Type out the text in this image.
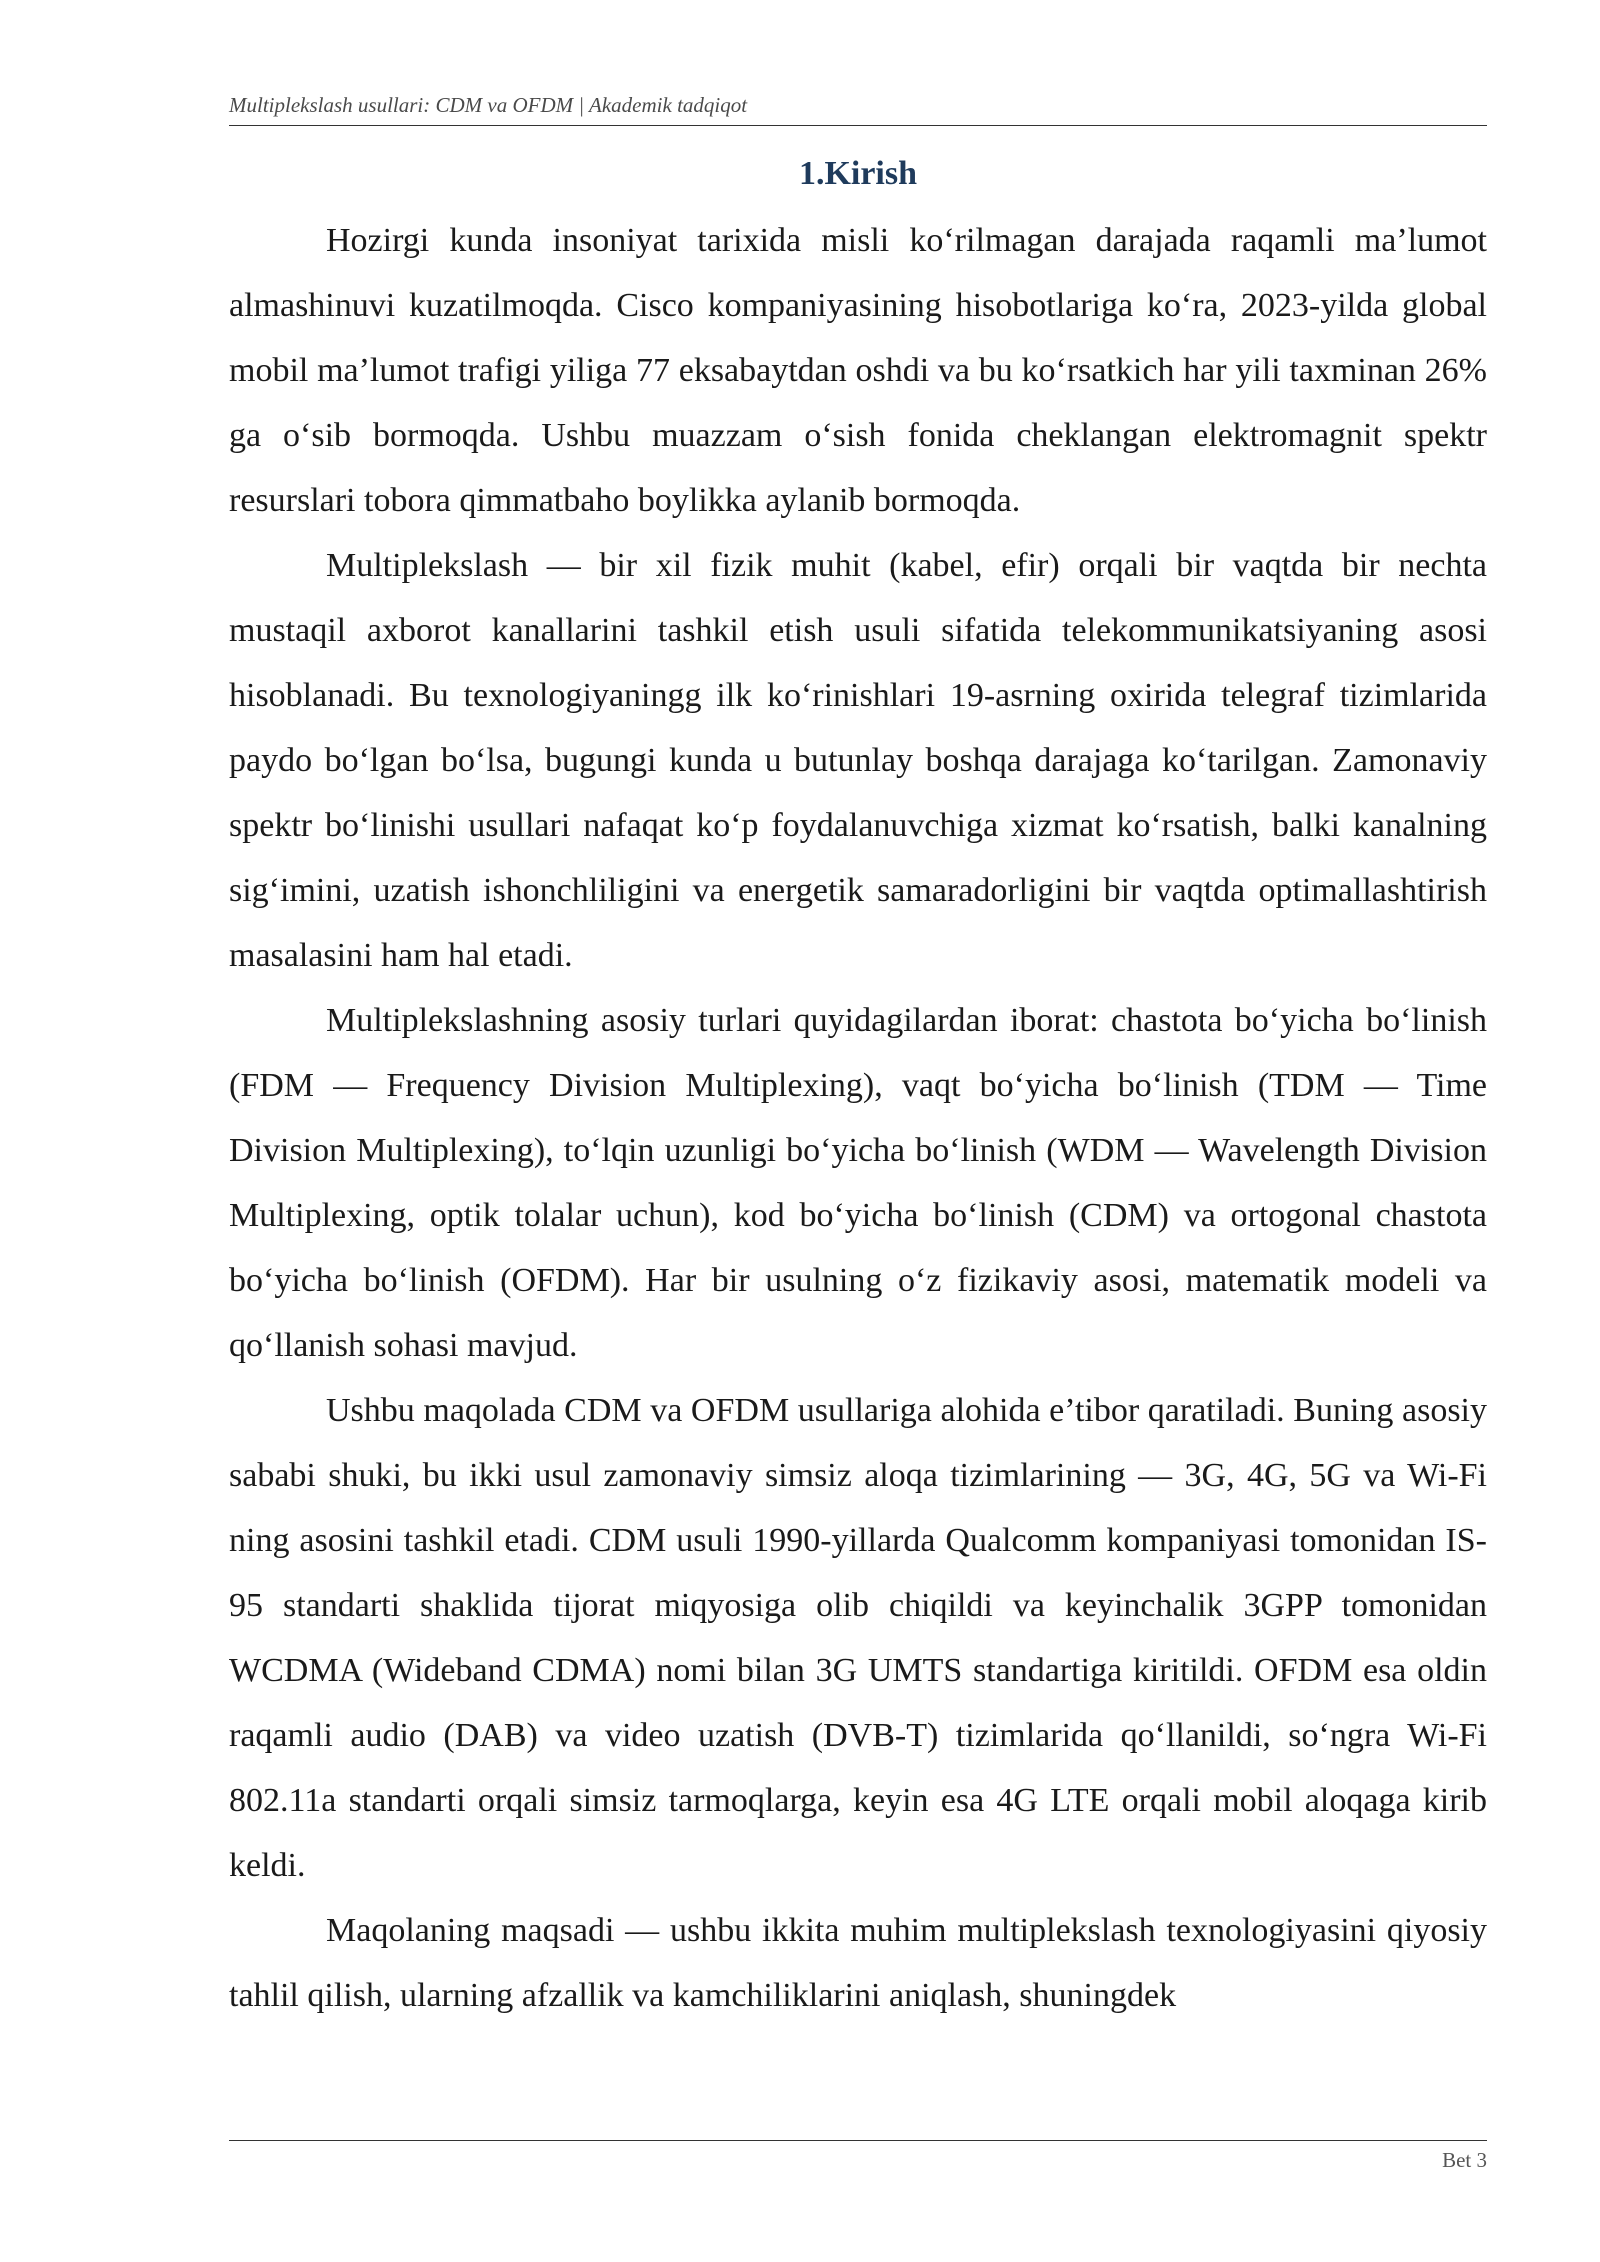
Multiplekslash usullari: CDM va OFDM | Akademik tadqiqot
1.Kirish

Hozirgi kunda insoniyat tarixida misli ko‘rilmagan darajada raqamli ma’lumot almashinuvi kuzatilmoqda. Cisco kompaniyasining hisobotlariga ko‘ra, 2023-yilda global mobil ma’lumot trafigi yiliga 77 eksabaytdan oshdi va bu ko‘rsatkich har yili taxminan 26% ga o‘sib bormoqda. Ushbu muazzam o‘sish fonida cheklangan elektromagnit spektr resurslari tobora qimmatbaho boylikka aylanib bormoqda.

Multiplekslash — bir xil fizik muhit (kabel, efir) orqali bir vaqtda bir nechta mustaqil axborot kanallarini tashkil etish usuli sifatida telekommunikatsiyaning asosi hisoblanadi. Bu texnologiyaningg ilk ko‘rinishlari 19-asrning oxirida telegraf tizimlarida paydo bo‘lgan bo‘lsa, bugungi kunda u butunlay boshqa darajaga ko‘tarilgan. Zamonaviy spektr bo‘linishi usullari nafaqat ko‘p foydalanuvchiga xizmat ko‘rsatish, balki kanalning sig‘imini, uzatish ishonchliligini va energetik samaradorligini bir vaqtda optimallashtirish masalasini ham hal etadi.

Multiplekslashning asosiy turlari quyidagilardan iborat: chastota bo‘yicha bo‘linish (FDM — Frequency Division Multiplexing), vaqt bo‘yicha bo‘linish (TDM — Time Division Multiplexing), to‘lqin uzunligi bo‘yicha bo‘linish (WDM — Wavelength Division Multiplexing, optik tolalar uchun), kod bo‘yicha bo‘linish (CDM) va ortogonal chastota bo‘yicha bo‘linish (OFDM). Har bir usulning o‘z fizikaviy asosi, matematik modeli va qo‘llanish sohasi mavjud.

Ushbu maqolada CDM va OFDM usullariga alohida e’tibor qaratiladi. Buning asosiy sababi shuki, bu ikki usul zamonaviy simsiz aloqa tizimlarining — 3G, 4G, 5G va Wi-Fi ning asosini tashkil etadi. CDM usuli 1990-yillarda Qualcomm kompaniyasi tomonidan IS-95 standarti shaklida tijorat miqyosiga olib chiqildi va keyinchalik 3GPP tomonidan WCDMA (Wideband CDMA) nomi bilan 3G UMTS standartiga kiritildi. OFDM esa oldin raqamli audio (DAB) va video uzatish (DVB-T) tizimlarida qo‘llanildi, so‘ngra Wi-Fi 802.11a standarti orqali simsiz tarmoqlarga, keyin esa 4G LTE orqali mobil aloqaga kirib keldi.

Maqolaning maqsadi — ushbu ikkita muhim multiplekslash texnologiyasini qiyosiy tahlil qilish, ularning afzallik va kamchiliklarini aniqlash, shuningdek

Bet 3
